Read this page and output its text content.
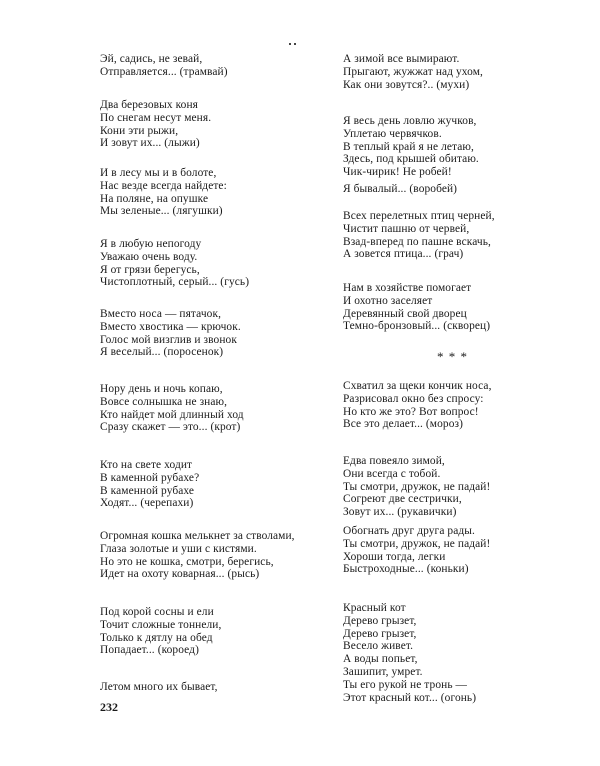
Эй, садись, не зевай,
Отправляется... (трамвай)
Два березовых коня
По снегам несут меня.
Кони эти рыжи,
И зовут их... (лыжи)
И в лесу мы и в болоте,
Нас везде всегда найдете:
На поляне, на опушке
Мы зеленые... (лягушки)
Я в любую непогоду
Уважаю очень воду.
Я от грязи берегусь,
Чистоплотный, серый... (гусь)
Вместо носа — пятачок,
Вместо хвостика — крючок.
Голос мой визглив и звонок
Я веселый... (поросенок)
Нору день и ночь копаю,
Вовсе солнышка не знаю,
Кто найдет мой длинный ход
Сразу скажет — это... (крот)
Кто на свете ходит
В каменной рубахе?
В каменной рубахе
Ходят... (черепахи)
Огромная кошка мелькнет за стволами,
Глаза золотые и уши с кистями.
Но это не кошка, смотри, берегись,
Идет на охоту коварная... (рысь)
Под корой сосны и ели
Точит сложные тоннели,
Только к дятлу на обед
Попадает... (короед)
Летом много их бывает,
А зимой все вымирают.
Прыгают, жужжат над ухом,
Как они зовутся?.. (мухи)
Я весь день ловлю жучков,
Уплетаю червячков.
В теплый край я не летаю,
Здесь, под крышей обитаю.
Чик-чирик! Не робей!
Я бывалый... (воробей)
Всех перелетных птиц черней,
Чистит пашню от червей,
Взад-вперед по пашне вскачь,
А зовется птица... (грач)
Нам в хозяйстве помогает
И охотно заселяет
Деревянный свой дворец
Темно-бронзовый... (скворец)
Схватил за щеки кончик носа,
Разрисовал окно без спросу:
Но кто же это? Вот вопрос!
Все это делает... (мороз)
Едва повеяло зимой,
Они всегда с тобой.
Ты смотри, дружок, не падай!
Согреют две сестрички,
Зовут их... (рукавички)
Обогнать друг друга рады.
Ты смотри, дружок, не падай!
Хороши тогда, легки
Быстроходные... (коньки)
Красный кот
Дерево грызет,
Дерево грызет,
Весело живет.
А воды попьет,
Зашипит, умрет.
Ты его рукой не тронь —
Этот красный кот... (огонь)
* * *
232
